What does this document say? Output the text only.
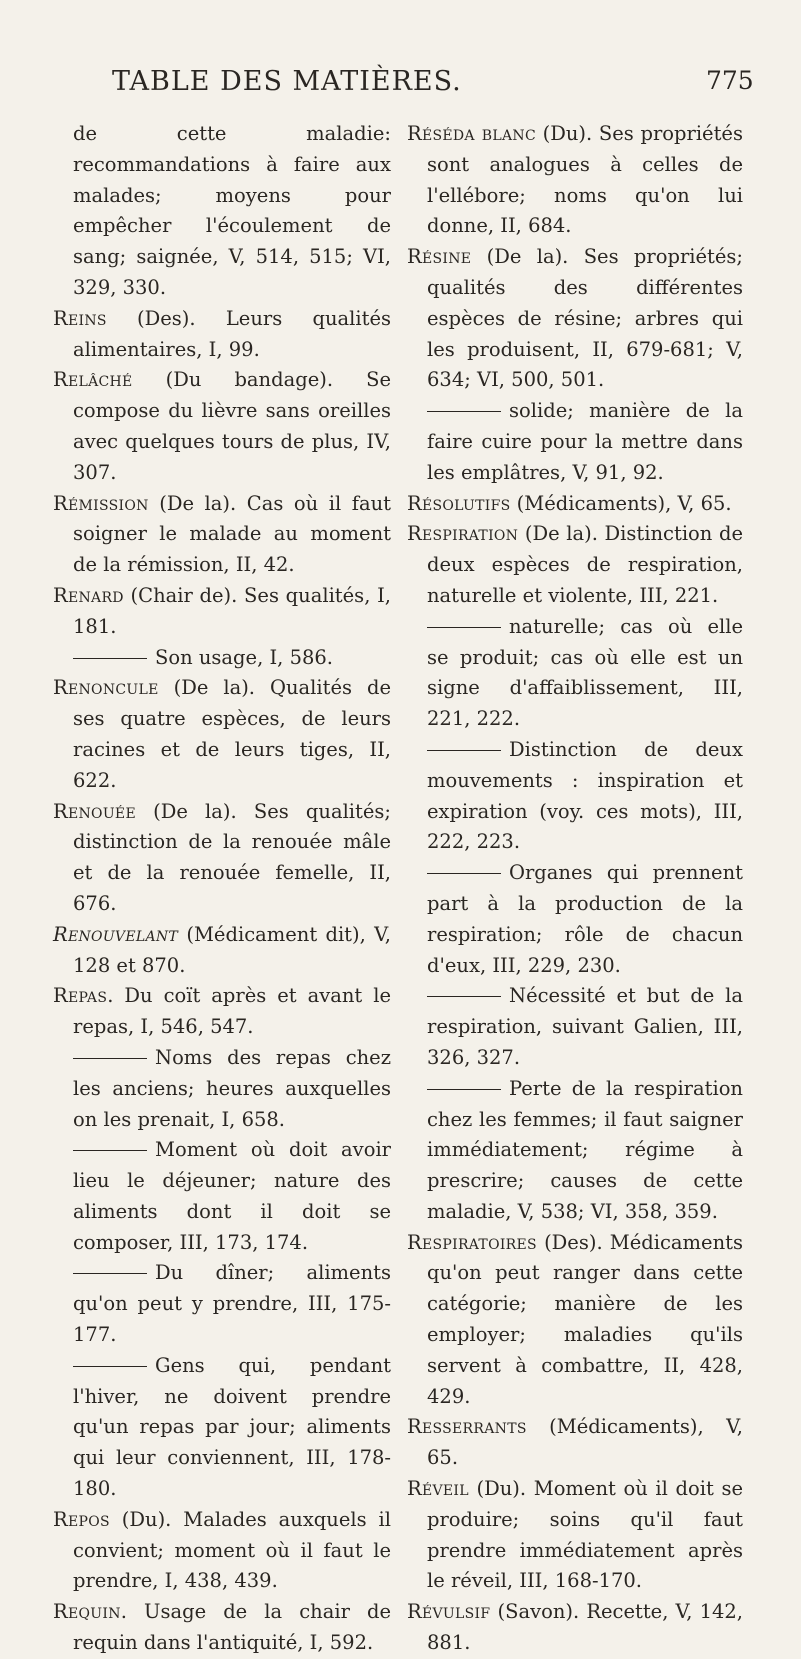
TABLE DES MATIÈRES.	775

de cette maladie: recommandations à faire aux malades; moyens pour empêcher l'écoulement de sang; saignée, V, 514, 515; VI, 329, 330.

Reins (Des). Leurs qualités alimentaires, I, 99.

Relâché (Du bandage). Se compose du lièvre sans oreilles avec quelques tours de plus, IV, 307.

Rémission (De la). Cas où il faut soigner le malade au moment de la rémission, II, 42.

Renard (Chair de). Ses qualités, I, 181.

Son usage, I, 586.

Renoncule (De la). Qualités de ses quatre espèces, de leurs racines et de leurs tiges, II, 622.

Renouée (De la). Ses qualités; distinction de la renouée mâle et de la renouée femelle, II, 676.

Renouvelant (Médicament dit), V, 128 et 870.

Repas. Du coït après et avant le repas, I, 546, 547.

Noms des repas chez les anciens; heures auxquelles on les prenait, I, 658.

Moment où doit avoir lieu le déjeuner; nature des aliments dont il doit se composer, III, 173, 174.

Du dîner; aliments qu'on peut y prendre, III, 175-177.

Gens qui, pendant l'hiver, ne doivent prendre qu'un repas par jour; aliments qui leur conviennent, III, 178-180.

Repos (Du). Malades auxquels il convient; moment où il faut le prendre, I, 438, 439.

Requin. Usage de la chair de requin dans l'antiquité, I, 592.

Réséda blanc (Du). Ses propriétés sont analogues à celles de l'ellébore; noms qu'on lui donne, II, 684.

Résine (De la). Ses propriétés; qualités des différentes espèces de résine; arbres qui les produisent, II, 679-681; V, 634; VI, 500, 501.

solide; manière de la faire cuire pour la mettre dans les emplâtres, V, 91, 92.

Résolutifs (Médicaments), V, 65.

Respiration (De la). Distinction de deux espèces de respiration, naturelle et violente, III, 221.

naturelle; cas où elle se produit; cas où elle est un signe d'affaiblissement, III, 221, 222.

Distinction de deux mouvements : inspiration et expiration (voy. ces mots), III, 222, 223.

Organes qui prennent part à la production de la respiration; rôle de chacun d'eux, III, 229, 230.

Nécessité et but de la respiration, suivant Galien, III, 326, 327.

Perte de la respiration chez les femmes; il faut saigner immédiatement; régime à prescrire; causes de cette maladie, V, 538; VI, 358, 359.

Respiratoires (Des). Médicaments qu'on peut ranger dans cette catégorie; manière de les employer; maladies qu'ils servent à combattre, II, 428, 429.

Resserrants (Médicaments), V, 65.

Réveil (Du). Moment où il doit se produire; soins qu'il faut prendre immédiatement après le réveil, III, 168-170.

Révulsif (Savon). Recette, V, 142, 881.
